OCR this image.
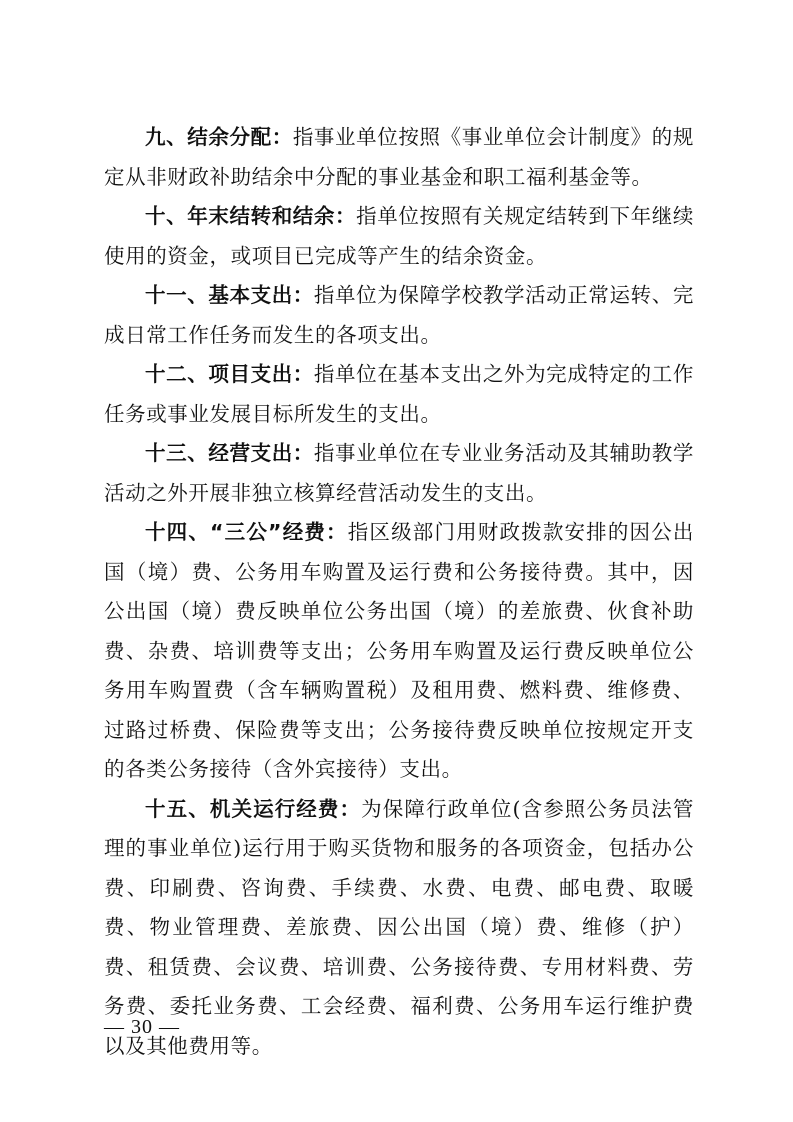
九、结余分配：指事业单位按照《事业单位会计制度》的规定从非财政补助结余中分配的事业基金和职工福利基金等。

十、年末结转和结余：指单位按照有关规定结转到下年继续使用的资金，或项目已完成等产生的结余资金。

十一、基本支出：指单位为保障学校教学活动正常运转、完成日常工作任务而发生的各项支出。

十二、项目支出：指单位在基本支出之外为完成特定的工作任务或事业发展目标所发生的支出。

十三、经营支出：指事业单位在专业业务活动及其辅助教学活动之外开展非独立核算经营活动发生的支出。

十四、“三公”经费：指区级部门用财政拨款安排的因公出国（境）费、公务用车购置及运行费和公务接待费。其中，因公出国（境）费反映单位公务出国（境）的差旅费、伙食补助费、杂费、培训费等支出；公务用车购置及运行费反映单位公务用车购置费（含车辆购置税）及租用费、燃料费、维修费、过路过桥费、保险费等支出；公务接待费反映单位按规定开支的各类公务接待（含外宾接待）支出。

十五、机关运行经费：为保障行政单位(含参照公务员法管理的事业单位)运行用于购买货物和服务的各项资金，包括办公费、印刷费、咨询费、手续费、水费、电费、邮电费、取暖费、物业管理费、差旅费、因公出国（境）费、维修（护）费、租赁费、会议费、培训费、公务接待费、专用材料费、劳务费、委托业务费、工会经费、福利费、公务用车运行维护费以及其他费用等。

— 30 —
